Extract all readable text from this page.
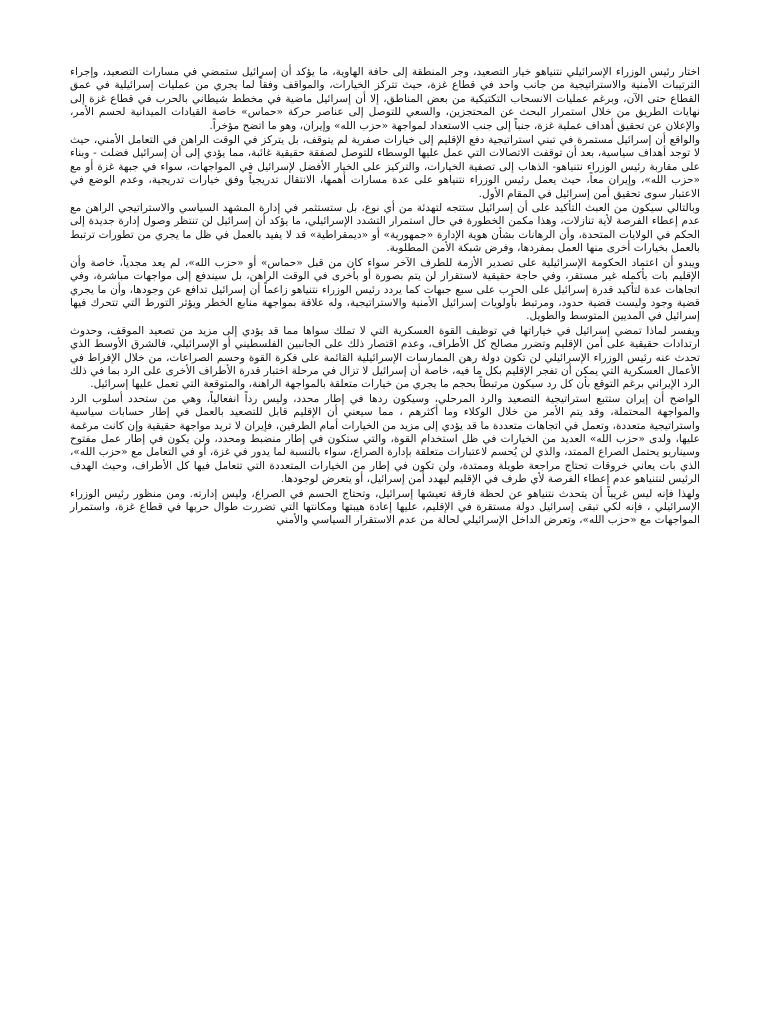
اختار رئيس الوزراء الإسرائيلي نتنياهو خيار التصعيد، وجر المنطقة إلى حافة الهاوية، ما يؤكد أن إسرائيل ستمضي في مسارات التصعيد، وإجراء الترتيبات الأمنية والاستراتيجية من جانب واحد في قطاع غزة، حيث تتركز الخيارات، والمواقف وفقاً لما يجري من عمليات إسرائيلية في عمق القطاع حتى الآن، وبرغم عمليات الانسحاب التكتيكية من بعض المناطق، إلا أن إسرائيل ماضية في مخطط شيطاني بالحرب في قطاع غزة إلى نهايات الطريق من خلال استمرار البحث عن المحتجزين، والسعي للتوصل إلى عناصر حركة «حماس» خاصة القيادات الميدانية لحسم الأمر، والإعلان عن تحقيق أهداف عملية غزة، جنباً إلى جنب الاستعداد لمواجهة «حزب الله» وإيران، وهو ما اتضح مؤخراً.

والواقع أن إسرائيل مستمرة في تبني استراتيجية دفع الإقليم إلى خيارات صفرية لم يتوقف، بل يتركز في الوقت الراهن في التعامل الأمني، حيث لا توجد أهداف سياسية، بعد أن توقفت الاتصالات التي عمل عليها الوسطاء للتوصل لصفقة حقيقية غائبة، مما يؤدي إلى أن إسرائيل فضلت - وبناء على مقاربة رئيس الوزراء نتنياهو- الذهاب إلى تصفية الخيارات، والتركيز على الخيار الأفضل لإسرائيل في المواجهات، سواء في جبهة غزة أو مع «حزب الله»، وإيران معاً، حيث يعمل رئيس الوزراء نتنياهو على عدة مسارات أهمها، الانتقال تدريجياً وفق خيارات تدريجية، وعدم الوضع في الاعتبار سوى تحقيق أمن إسرائيل في المقام الأول.

وبالتالي سيكون من العبث التأكيد على أن إسرائيل ستتجه لتهدئة من أي نوع، بل ستستثمر في إدارة المشهد السياسي والاستراتيجي الراهن مع عدم إعطاء الفرصة لأية تنازلات، وهذا مكمن الخطورة في حال استمرار التشدد الإسرائيلي، ما يؤكد أن إسرائيل لن تنتظر وصول إدارة جديدة إلى الحكم في الولايات المتحدة، وأن الرهانات بشأن هوية الإدارة «جمهورية» أو «ديمقراطية» قد لا يفيد بالعمل في ظل ما يجري من تطورات ترتبط بالعمل بخيارات أخرى منها العمل بمفردها، وفرض شبكة الأمن المطلوبة.

ويبدو أن اعتماد الحكومة الإسرائيلية على تصدير الأزمة للطرف الآخر سواء كان من قبل «حماس» أو «حزب الله»، لم يعد مجدياً، خاصة وأن الإقليم بات بأكمله غير مستقر، وفي حاجة حقيقية لاستقرار لن يتم بصورة أو بأخرى في الوقت الراهن، بل سيندفع إلى مواجهات مباشرة، وفي اتجاهات عدة لتأكيد قدرة إسرائيل على الحرب على سبع جبهات كما يردد رئيس الوزراء نتنياهو زاعماً أن إسرائيل تدافع عن وجودها، وأن ما يجري قضية وجود وليست قضية حدود، ومرتبط بأولويات إسرائيل الأمنية والاستراتيجية، وله علاقة بمواجهة منابع الخطر ويؤثر التورط التي تتحرك فيها إسرائيل في المديين المتوسط والطويل.

ويفسر لماذا تمضي إسرائيل في خياراتها في توظيف القوة العسكرية التي لا تملك سواها مما قد يؤدي إلى مزيد من تصعيد الموقف، وحدوث ارتدادات حقيقية على أمن الإقليم وتضرر مصالح كل الأطراف، وعدم اقتصار ذلك على الجانبين الفلسطيني أو الإسرائيلي، فالشرق الأوسط الذي تحدث عنه رئيس الوزراء الإسرائيلي لن تكون دولة رهن الممارسات الإسرائيلية القائمة على فكرة القوة وحسم الصراعات، من خلال الإفراط في الأعمال العسكرية التي يمكن أن تفجر الإقليم بكل ما فيه، خاصة أن إسرائيل لا تزال في مرحلة اختبار قدرة الأطراف الأخرى على الرد بما في ذلك الرد الإيراني برغم التوقع بأن كل رد سيكون مرتبطاً بحجم ما يجري من خيارات متعلقة بالمواجهة الراهنة، والمتوقعة التي تعمل عليها إسرائيل.

الواضح أن إيران ستتبع استراتيجية التصعيد والرد المرحلي، وسيكون ردها في إطار محدد، وليس رداً انفعالياً، وهي من ستحدد أسلوب الرد والمواجهة المحتملة، وقد يتم الأمر من خلال الوكلاء وما أكثرهم ، مما سيعني أن الإقليم قابل للتصعيد بالعمل في إطار حسابات سياسية واستراتيجية متعددة، وتعمل في اتجاهات متعددة ما قد يؤدي إلى مزيد من الخيارات أمام الطرفين، فإيران لا تريد مواجهة حقيقية وإن كانت مرغمة عليها، ولدى «حزب الله» العديد من الخيارات في ظل استخدام القوة، والتي ستكون في إطار منضبط ومحدد، ولن يكون في إطار عمل مفتوح وسيناريو يحتمل الصراع الممتد، والذي لن يُحسم لاعتبارات متعلقة بإدارة الصراع، سواء بالنسبة لما يدور في غزة، أو في التعامل مع «حزب الله»، الذي بات يعاني خروقات تحتاج مراجعة طويلة وممتدة، ولن تكون في إطار من الخيارات المتعددة التي تتعامل فيها كل الأطراف، وحيث الهدف الرئيس لنتنياهو عدم إعطاء الفرصة لأي طرف في الإقليم ليهدد أمن إسرائيل، أو يتعرض لوجودها.

ولهذا فإنه ليس غريباً أن يتحدث نتنياهو عن لحظة فارقة تعيشها إسرائيل، وتحتاج الحسم في الصراع، وليس إدارته. ومن منظور رئيس الوزراء الإسرائيلي ، فإنه لكي تبقى إسرائيل دولة مستقرة في الإقليم، عليها إعادة هيبتها ومكانتها التي تضررت طوال حربها في قطاع غزة، واستمرار المواجهات مع «حزب الله»، وتعرض الداخل الإسرائيلي لحالة من عدم الاستقرار السياسي والأمني
